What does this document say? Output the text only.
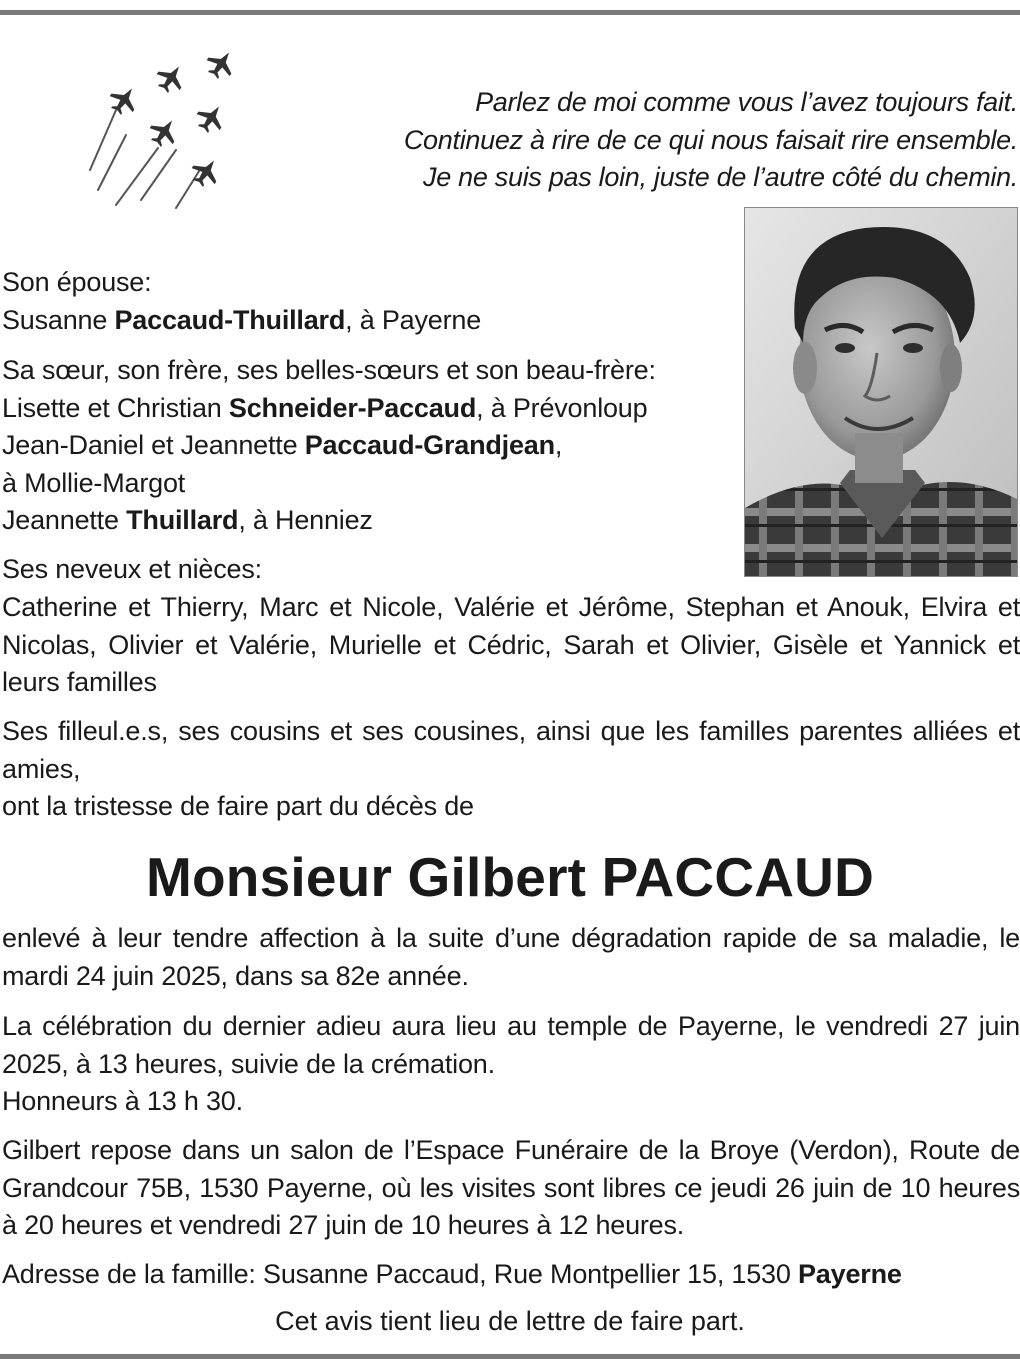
Parlez de moi comme vous l’avez toujours fait.
Continuez à rire de ce qui nous faisait rire ensemble.
Je ne suis pas loin, juste de l’autre côté du chemin.
Son épouse:
Susanne Paccaud-Thuillard, à Payerne
Sa sœur, son frère, ses belles-sœurs et son beau-frère:
Lisette et Christian Schneider-Paccaud, à Prévonloup
Jean-Daniel et Jeannette Paccaud-Grandjean,
à Mollie-Margot
Jeannette Thuillard, à Henniez
Ses neveux et nièces:
Catherine et Thierry, Marc et Nicole, Valérie et Jérôme, Stephan et Anouk, Elvira et Nicolas, Olivier et Valérie, Murielle et Cédric, Sarah et Olivier, Gisèle et Yannick et leurs familles
Ses filleul.e.s, ses cousins et ses cousines, ainsi que les familles parentes alliées et amies,
ont la tristesse de faire part du décès de
Monsieur Gilbert PACCAUD
enlevé à leur tendre affection à la suite d’une dégradation rapide de sa maladie, le mardi 24 juin 2025, dans sa 82e année.
La célébration du dernier adieu aura lieu au temple de Payerne, le vendredi 27 juin 2025, à 13 heures, suivie de la crémation.
Honneurs à 13 h 30.
Gilbert repose dans un salon de l’Espace Funéraire de la Broye (Verdon), Route de Grandcour 75B, 1530 Payerne, où les visites sont libres ce jeudi 26 juin de 10 heures à 20 heures et vendredi 27 juin de 10 heures à 12 heures.
Adresse de la famille: Susanne Paccaud, Rue Montpellier 15, 1530 Payerne
Cet avis tient lieu de lettre de faire part.
